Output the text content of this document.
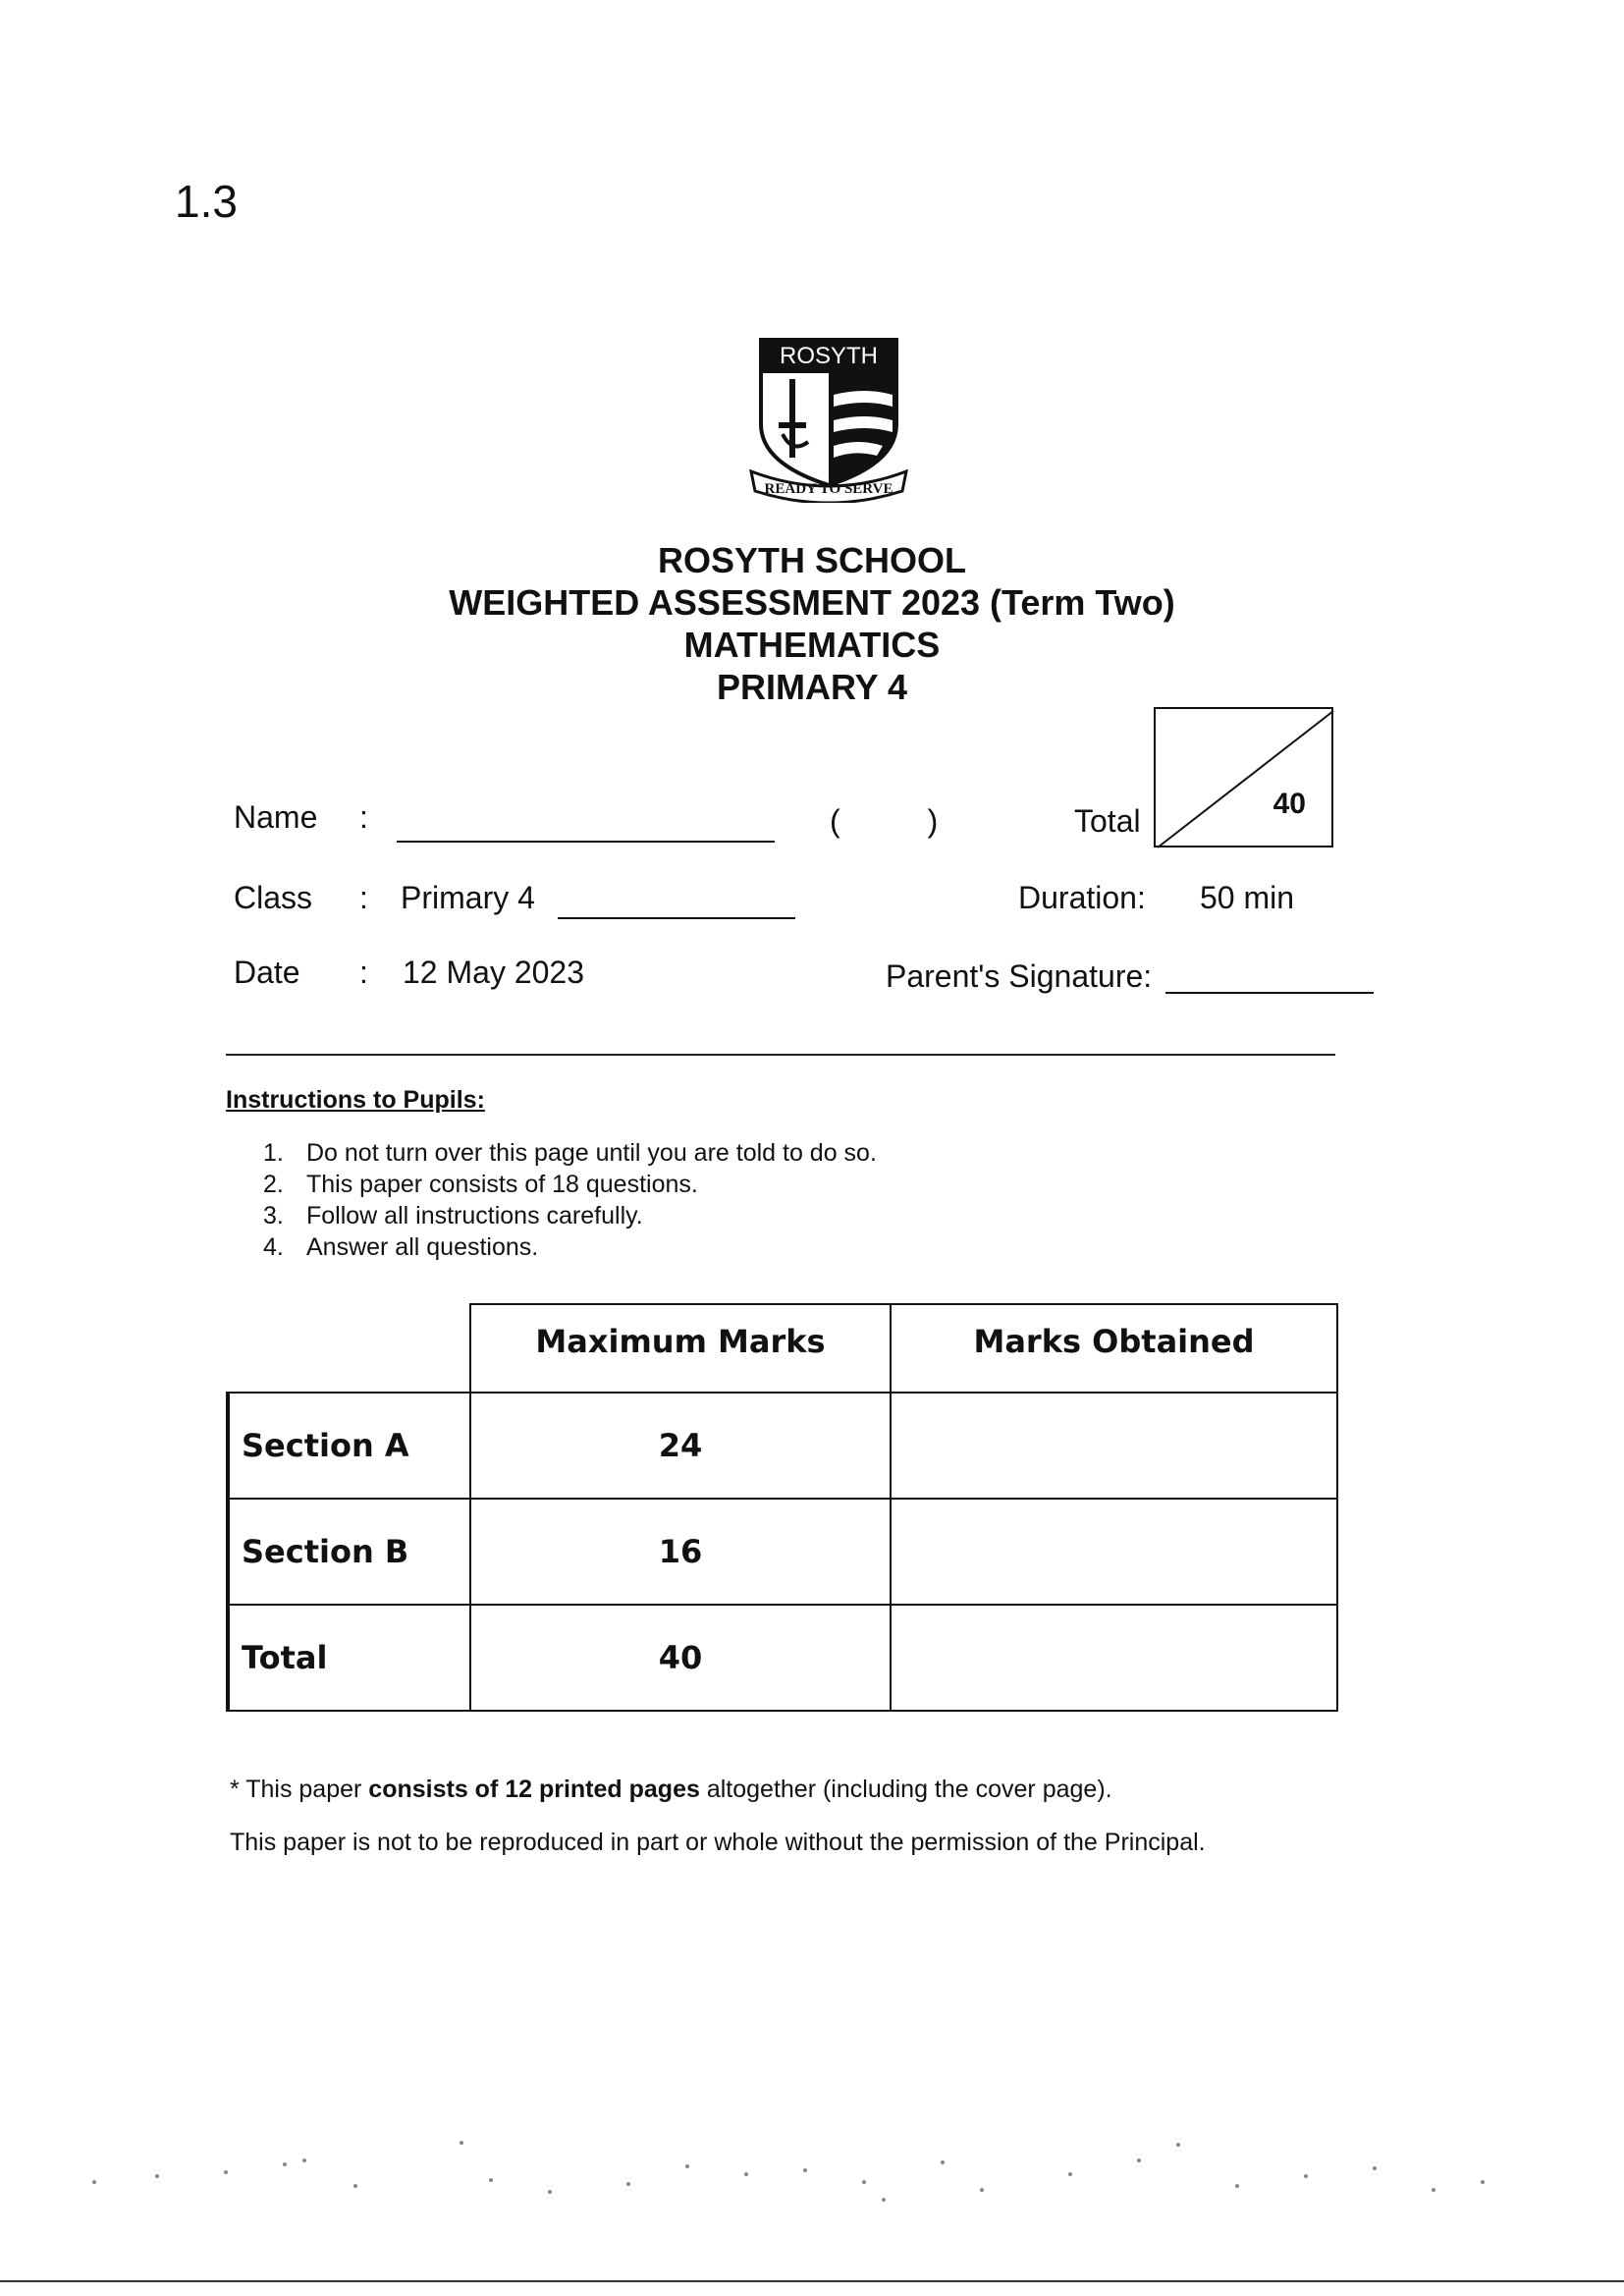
1.3
ROSYTH
READY TO SERVE
ROSYTH SCHOOL
WEIGHTED ASSESSMENT 2023 (Term Two)
MATHEMATICS
PRIMARY 4
Name :	(          )	Total	40
Class : Primary 4	Duration: 50 min
Date : 12 May 2023	Parent's Signature:
Instructions to Pupils:
1. Do not turn over this page until you are told to do so.
2. This paper consists of 18 questions.
3. Follow all instructions carefully.
4. Answer all questions.
	Maximum Marks	Marks Obtained
Section A	24	
Section B	16	
Total	40	
* This paper consists of 12 printed pages altogether (including the cover page).
This paper is not to be reproduced in part or whole without the permission of the Principal.
